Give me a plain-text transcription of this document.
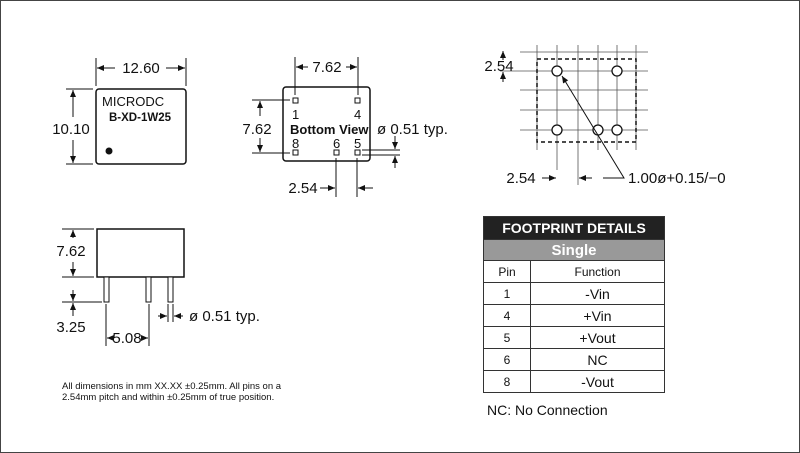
MICRODC
B-XD-1W25
12.60
10.10
1	4
8	6 5
Bottom View
7.62
7.62	ø 0.51 typ.
2.54
7.62
3.25
5.08
ø 0.51 typ.
2.54
2.54	1.00ø+0.15/−0
FOOTPRINT DETAILS	
Single	
Pin	Function
1	-Vin
4	+Vin
5	+Vout
6	NC
8	-Vout
NC: No Connection
All dimensions in mm XX.XX ±0.25mm. All pins on a 2.54mm pitch and within ±0.25mm of true position.
